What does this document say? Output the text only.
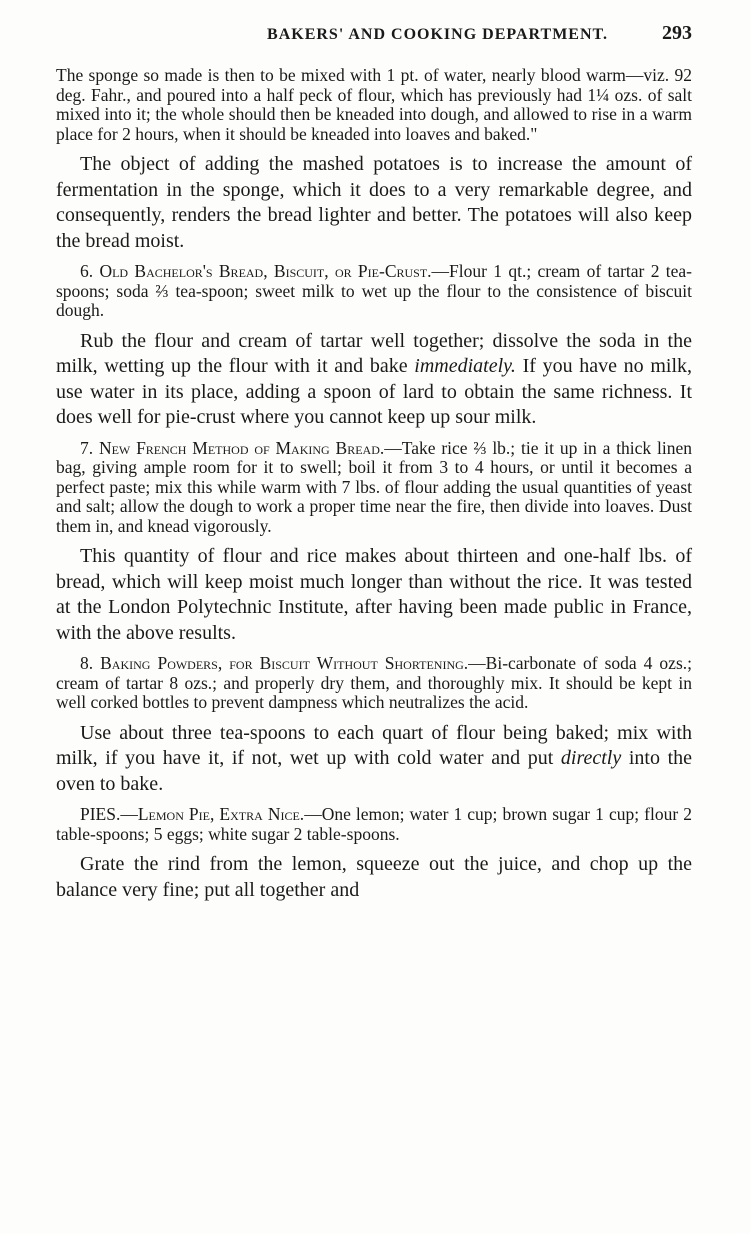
BAKERS' AND COOKING DEPARTMENT.	293

The sponge so made is then to be mixed with 1 pt. of water, nearly blood warm—viz. 92 deg. Fahr., and poured into a half peck of flour, which has previously had 1¼ ozs. of salt mixed into it; the whole should then be kneaded into dough, and allowed to rise in a warm place for 2 hours, when it should be kneaded into loaves and baked."

The object of adding the mashed potatoes is to increase the amount of fermentation in the sponge, which it does to a very remarkable degree, and consequently, renders the bread lighter and better. The potatoes will also keep the bread moist.

6. Old Bachelor's Bread, Biscuit, or Pie-Crust.—Flour 1 qt.; cream of tartar 2 tea-spoons; soda ⅔ tea-spoon; sweet milk to wet up the flour to the consistence of biscuit dough.

Rub the flour and cream of tartar well together; dissolve the soda in the milk, wetting up the flour with it and bake immediately. If you have no milk, use water in its place, adding a spoon of lard to obtain the same richness. It does well for pie-crust where you cannot keep up sour milk.

7. New French Method of Making Bread.—Take rice ⅔ lb.; tie it up in a thick linen bag, giving ample room for it to swell; boil it from 3 to 4 hours, or until it becomes a perfect paste; mix this while warm with 7 lbs. of flour adding the usual quantities of yeast and salt; allow the dough to work a proper time near the fire, then divide into loaves. Dust them in, and knead vigorously.

This quantity of flour and rice makes about thirteen and one-half lbs. of bread, which will keep moist much longer than without the rice. It was tested at the London Polytechnic Institute, after having been made public in France, with the above results.

8. Baking Powders, for Biscuit Without Shortening.—Bi-carbonate of soda 4 ozs.; cream of tartar 8 ozs.; and properly dry them, and thoroughly mix. It should be kept in well corked bottles to prevent dampness which neutralizes the acid.

Use about three tea-spoons to each quart of flour being baked; mix with milk, if you have it, if not, wet up with cold water and put directly into the oven to bake.

PIES.—Lemon Pie, Extra Nice.—One lemon; water 1 cup; brown sugar 1 cup; flour 2 table-spoons; 5 eggs; white sugar 2 table-spoons.

Grate the rind from the lemon, squeeze out the juice, and chop up the balance very fine; put all together and
